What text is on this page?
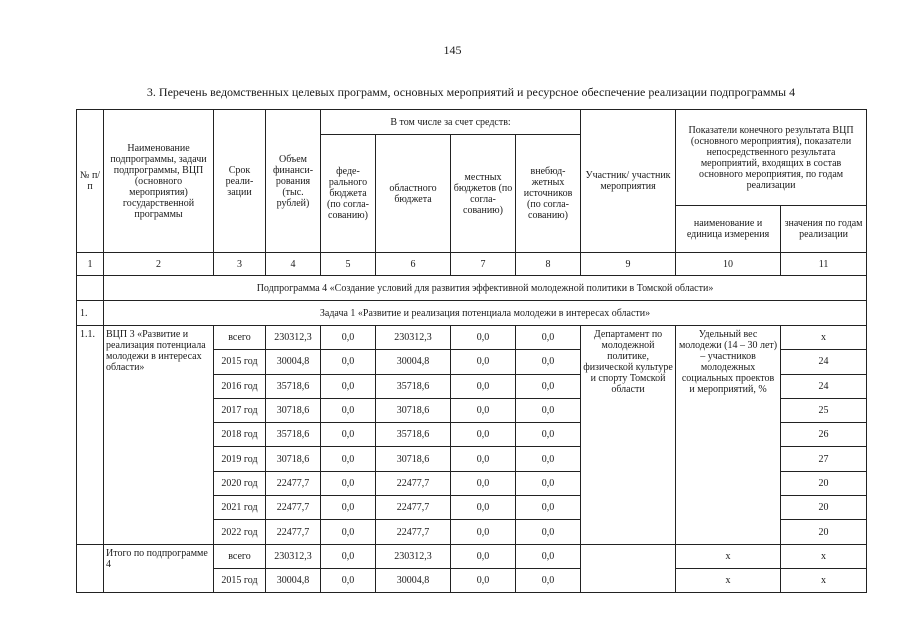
145
3. Перечень ведомственных целевых программ, основных мероприятий и ресурсное обеспечение реализации подпрограммы 4
№ п/п	Наименование подпрограммы, задачи подпрограммы, ВЦП (основного мероприятия) государственной программы	Срок реали-зации	Объем финанси-рования (тыс. рублей)	В том числе за счет средств:				Участник/ участник мероприятия	Показатели конечного результата ВЦП (основного мероприятия), показатели непосредственного результата мероприятий, входящих в состав основного мероприятия, по годам реализации	
				феде-рального бюджета (по согла-сованию)	областного бюджета	местных бюджетов (по согла-сованию)	внебюд-жетных источников (по согла-сованию)			
									наименование и единица измерения	значения по годам реализации
1	2	3	4	5	6	7	8	9	10	11
	Подпрограмма 4 «Создание условий для развития эффективной молодежной политики в Томской области»									
1.	Задача 1 «Развитие и реализация потенциала молодежи в интересах области»									
1.1.	ВЦП 3 «Развитие и реализация потенциала молодежи в интересах области»	всего	230312,3	0,0	230312,3	0,0	0,0	Департамент по молодежной политике, физической культуре и спорту Томской области	Удельный вес молодежи (14 – 30 лет) – участников молодежных социальных проектов и мероприятий, %	х
		2015 год	30004,8	0,0	30004,8	0,0	0,0			24
		2016 год	35718,6	0,0	35718,6	0,0	0,0			24
		2017 год	30718,6	0,0	30718,6	0,0	0,0			25
		2018 год	35718,6	0,0	35718,6	0,0	0,0			26
		2019 год	30718,6	0,0	30718,6	0,0	0,0			27
		2020 год	22477,7	0,0	22477,7	0,0	0,0			20
		2021 год	22477,7	0,0	22477,7	0,0	0,0			20
		2022 год	22477,7	0,0	22477,7	0,0	0,0			20
	Итого по подпрограмме 4	всего	230312,3	0,0	230312,3	0,0	0,0		х	х
		2015 год	30004,8	0,0	30004,8	0,0	0,0		х	х
